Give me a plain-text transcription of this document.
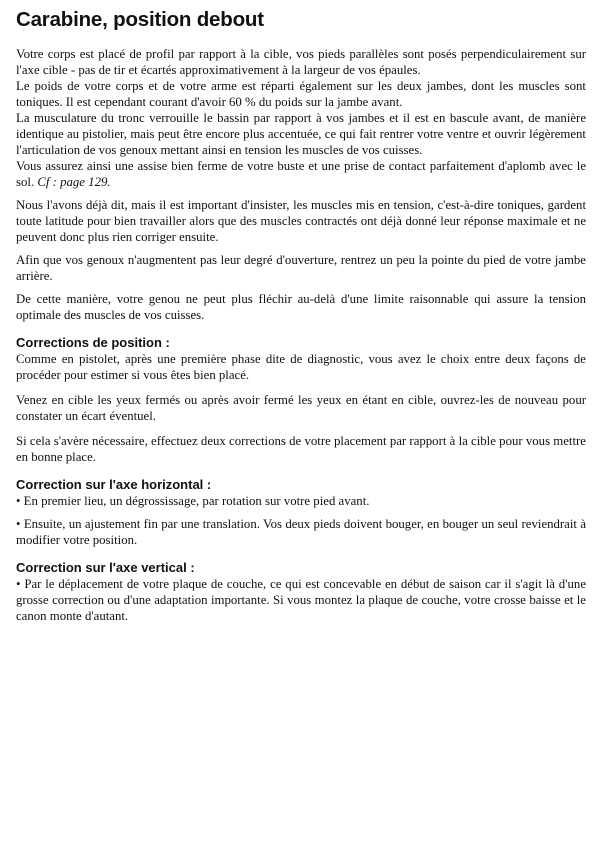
Carabine, position debout

Votre corps est placé de profil par rapport à la cible, vos pieds parallèles sont posés perpendiculairement sur l'axe cible - pas de tir et écartés approximativement à la largeur de vos épaules.

Le poids de votre corps et de votre arme est réparti également sur les deux jambes, dont les muscles sont toniques. Il est cependant courant d'avoir 60 % du poids sur la jambe avant.

La musculature du tronc verrouille le bassin par rapport à vos jambes et il est en bascule avant, de manière identique au pistolier, mais peut être encore plus accentuée, ce qui fait rentrer votre ventre et ouvrir légèrement l'articulation de vos genoux mettant ainsi en tension les muscles de vos cuisses.

Vous assurez ainsi une assise bien ferme de votre buste et une prise de contact parfaitement d'aplomb avec le sol. Cf : page 129.

Nous l'avons déjà dit, mais il est important d'insister, les muscles mis en tension, c'est-à-dire toniques, gardent toute latitude pour bien travailler alors que des muscles contractés ont déjà donné leur réponse maximale et ne peuvent donc plus rien corriger ensuite.

Afin que vos genoux n'augmentent pas leur degré d'ouverture, rentrez un peu la pointe du pied de votre jambe arrière.

De cette manière, votre genou ne peut plus fléchir au-delà d'une limite raisonnable qui assure la tension optimale des muscles de vos cuisses.

Corrections de position :

Comme en pistolet, après une première phase dite de diagnostic, vous avez le choix entre deux façons de procéder pour estimer si vous êtes bien placé.

Venez en cible les yeux fermés ou après avoir fermé les yeux en étant en cible, ouvrez-les de nouveau pour constater un écart éventuel.

Si cela s'avère nécessaire, effectuez deux corrections de votre placement par rapport à la cible pour vous mettre en bonne place.

Correction sur l'axe horizontal :

• En premier lieu, un dégrossissage, par rotation sur votre pied avant.

• Ensuite, un ajustement fin par une translation. Vos deux pieds doivent bouger, en bouger un seul reviendrait à modifier votre position.

Correction sur l'axe vertical :

• Par le déplacement de votre plaque de couche, ce qui est concevable en début de saison car il s'agit là d'une grosse correction ou d'une adaptation importante. Si vous montez la plaque de couche, votre crosse baisse et le canon monte d'autant.
